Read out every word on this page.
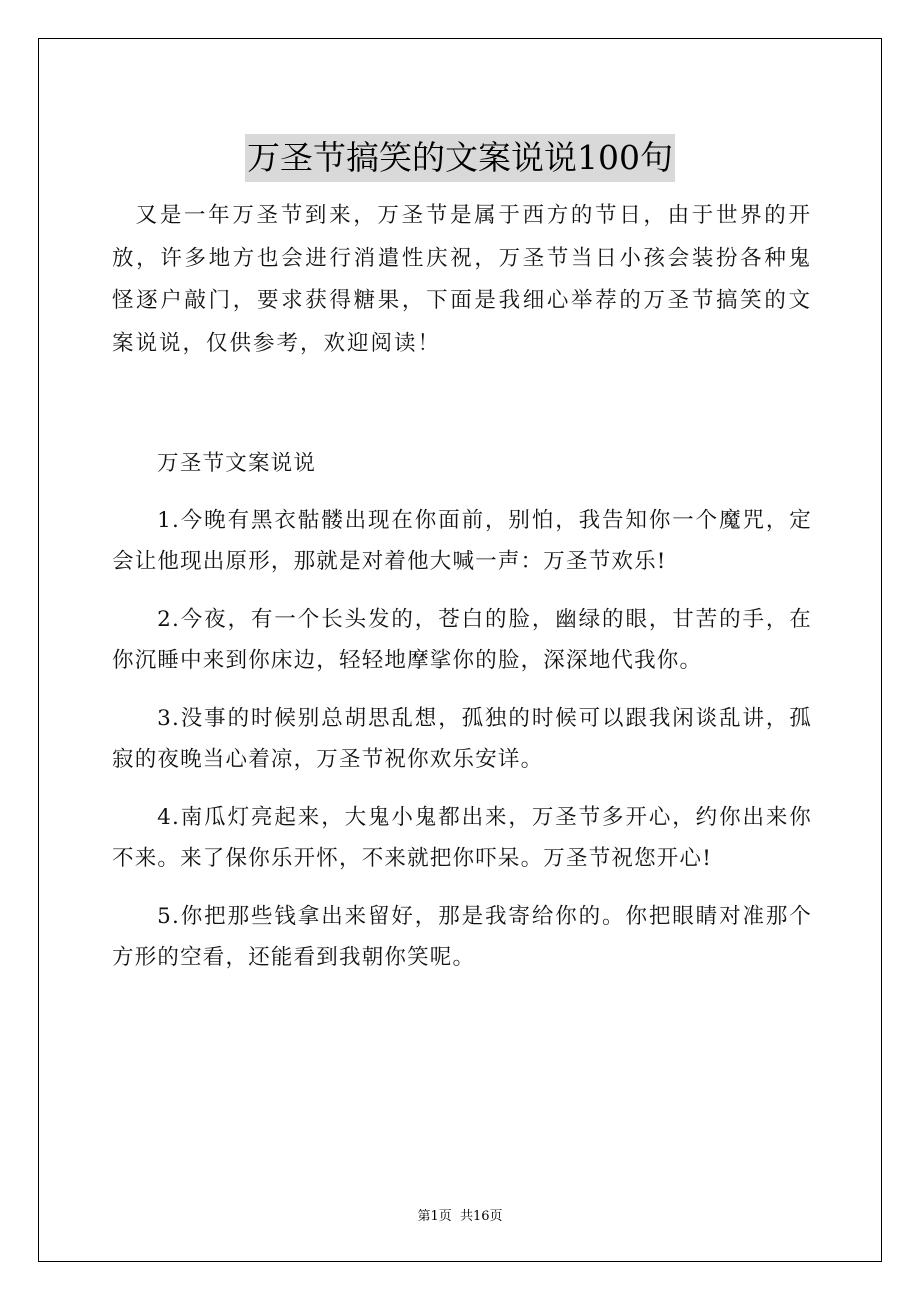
万圣节搞笑的文案说说100句

又是一年万圣节到来，万圣节是属于西方的节日，由于世界的开放，许多地方也会进行消遣性庆祝，万圣节当日小孩会装扮各种鬼怪逐户敲门，要求获得糖果，下面是我细心举荐的万圣节搞笑的文案说说，仅供参考，欢迎阅读！

万圣节文案说说

1.今晚有黑衣骷髅出现在你面前，别怕，我告知你一个魔咒，定会让他现出原形，那就是对着他大喊一声：万圣节欢乐!

2.今夜，有一个长头发的，苍白的脸，幽绿的眼，甘苦的手，在你沉睡中来到你床边，轻轻地摩挲你的脸，深深地代我你。

3.没事的时候别总胡思乱想，孤独的时候可以跟我闲谈乱讲，孤寂的夜晚当心着凉，万圣节祝你欢乐安详。

4.南瓜灯亮起来，大鬼小鬼都出来，万圣节多开心，约你出来你不来。来了保你乐开怀，不来就把你吓呆。万圣节祝您开心!

5.你把那些钱拿出来留好，那是我寄给你的。你把眼睛对准那个方形的空看，还能看到我朝你笑呢。

第1页 共16页
